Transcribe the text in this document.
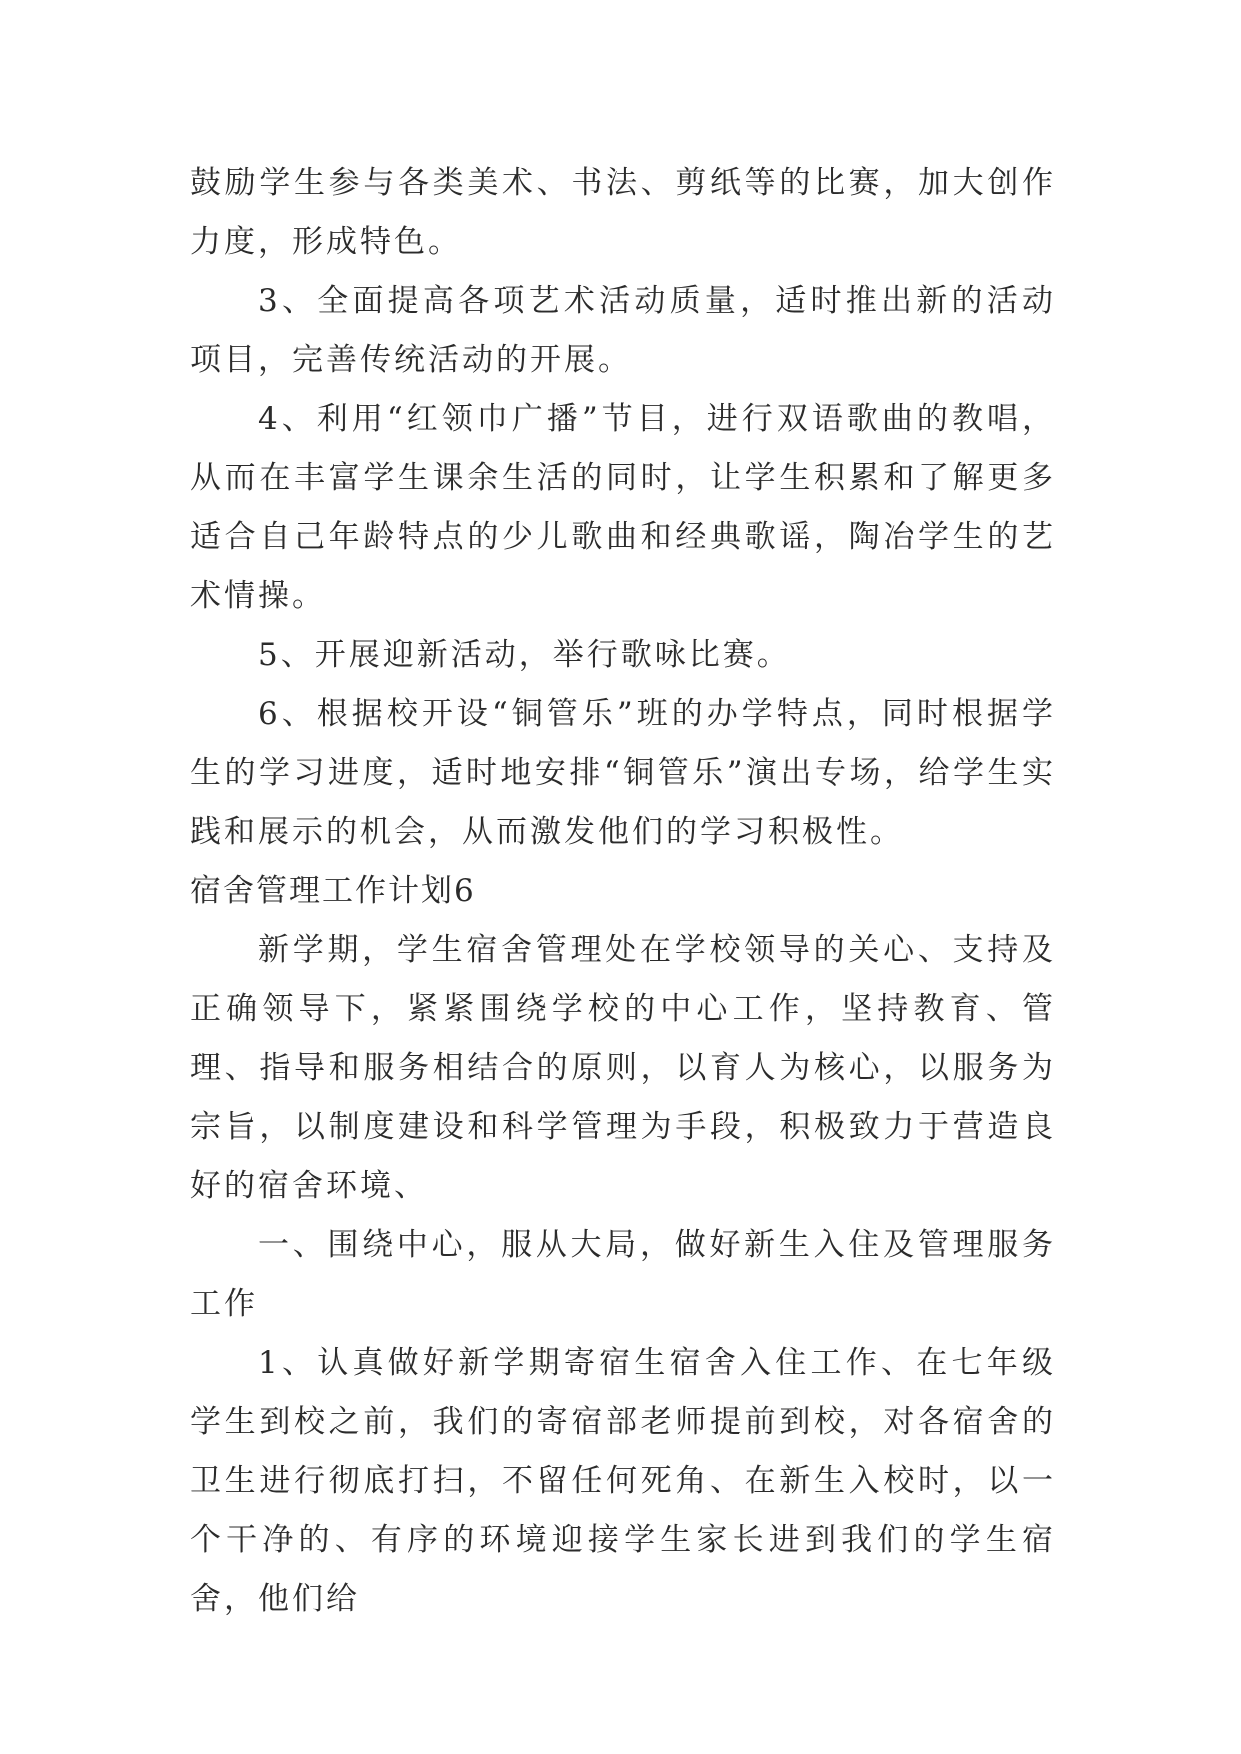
鼓励学生参与各类美术、书法、剪纸等的比赛，加大创作力度，形成特色。

3、全面提高各项艺术活动质量，适时推出新的活动项目，完善传统活动的开展。

4、利用“红领巾广播”节目，进行双语歌曲的教唱，从而在丰富学生课余生活的同时，让学生积累和了解更多适合自己年龄特点的少儿歌曲和经典歌谣，陶冶学生的艺术情操。

5、开展迎新活动，举行歌咏比赛。

6、根据校开设“铜管乐”班的办学特点，同时根据学生的学习进度，适时地安排“铜管乐”演出专场，给学生实践和展示的机会，从而激发他们的学习积极性。

宿舍管理工作计划6

新学期，学生宿舍管理处在学校领导的关心、支持及正确领导下，紧紧围绕学校的中心工作，坚持教育、管理、指导和服务相结合的原则，以育人为核心，以服务为宗旨，以制度建设和科学管理为手段，积极致力于营造良好的宿舍环境、

一、围绕中心，服从大局，做好新生入住及管理服务工作

1、认真做好新学期寄宿生宿舍入住工作、在七年级学生到校之前，我们的寄宿部老师提前到校，对各宿舍的卫生进行彻底打扫，不留任何死角、在新生入校时，以一个干净的、有序的环境迎接学生家长进到我们的学生宿舍，他们给
